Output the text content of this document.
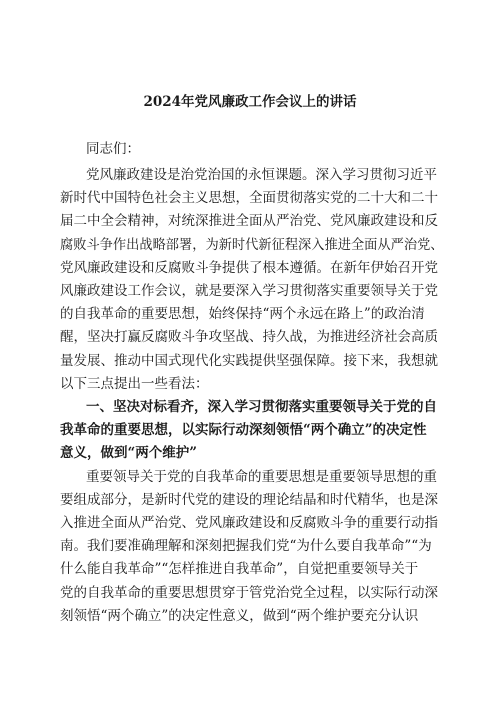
2024年党风廉政工作会议上的讲话
同志们：
党风廉政建设是治党治国的永恒课题。深入学习贯彻习近平
新时代中国特色社会主义思想，全面贯彻落实党的二十大和二十
届二中全会精神，对统深推进全面从严治党、党风廉政建设和反
腐败斗争作出战略部署，为新时代新征程深入推进全面从严治党、
党风廉政建设和反腐败斗争提供了根本遵循。在新年伊始召开党
风廉政建设工作会议，就是要深入学习贯彻落实重要领导关于党
的自我革命的重要思想，始终保持“两个永远在路上”的政治清
醒，坚决打赢反腐败斗争攻坚战、持久战，为推进经济社会高质
量发展、推动中国式现代化实践提供坚强保障。接下来，我想就
以下三点提出一些看法：
一、坚决对标看齐，深入学习贯彻落实重要领导关于党的自
我革命的重要思想，以实际行动深刻领悟“两个确立”的决定性
意义，做到“两个维护”
重要领导关于党的自我革命的重要思想是重要领导思想的重
要组成部分，是新时代党的建设的理论结晶和时代精华，也是深
入推进全面从严治党、党风廉政建设和反腐败斗争的重要行动指
南。我们要准确理解和深刻把握我们党“为什么要自我革命”“为
什么能自我革命”“怎样推进自我革命”，自觉把重要领导关于
党的自我革命的重要思想贯穿于管党治党全过程，以实际行动深
刻领悟“两个确立”的决定性意义，做到“两个维护要充分认识
